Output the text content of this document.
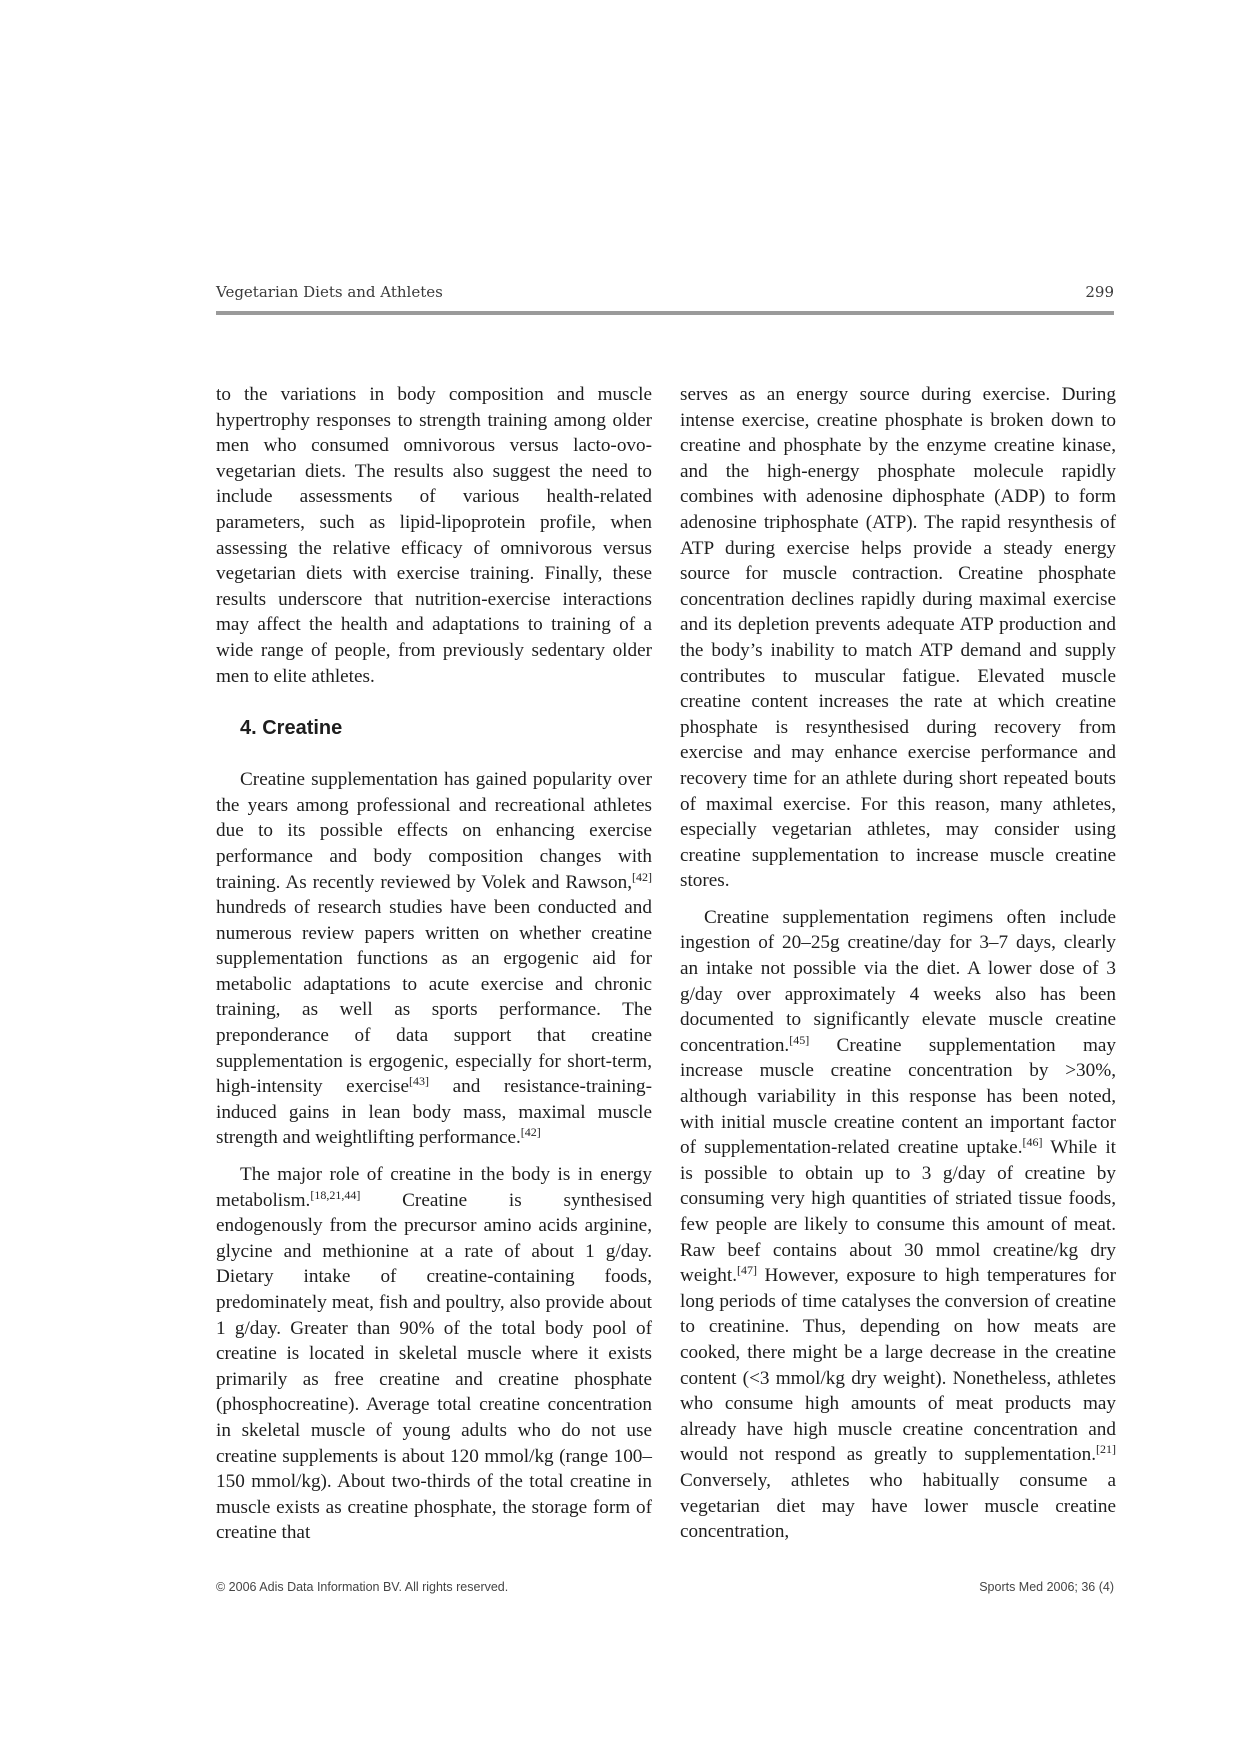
Vegetarian Diets and Athletes	299

to the variations in body composition and muscle hypertrophy responses to strength training among older men who consumed omnivorous versus lacto-ovo-vegetarian diets. The results also suggest the need to include assessments of various health-related parameters, such as lipid-lipoprotein profile, when assessing the relative efficacy of omnivorous versus vegetarian diets with exercise training. Finally, these results underscore that nutrition-exercise interactions may affect the health and adaptations to training of a wide range of people, from previously sedentary older men to elite athletes.

4. Creatine

Creatine supplementation has gained popularity over the years among professional and recreational athletes due to its possible effects on enhancing exercise performance and body composition changes with training. As recently reviewed by Volek and Rawson,[42] hundreds of research studies have been conducted and numerous review papers written on whether creatine supplementation functions as an ergogenic aid for metabolic adaptations to acute exercise and chronic training, as well as sports performance. The preponderance of data support that creatine supplementation is ergogenic, especially for short-term, high-intensity exercise[43] and resistance-training-induced gains in lean body mass, maximal muscle strength and weightlifting performance.[42]

The major role of creatine in the body is in energy metabolism.[18,21,44] Creatine is synthesised endogenously from the precursor amino acids arginine, glycine and methionine at a rate of about 1 g/day. Dietary intake of creatine-containing foods, predominately meat, fish and poultry, also provide about 1 g/day. Greater than 90% of the total body pool of creatine is located in skeletal muscle where it exists primarily as free creatine and creatine phosphate (phosphocreatine). Average total creatine concentration in skeletal muscle of young adults who do not use creatine supplements is about 120 mmol/kg (range 100–150 mmol/kg). About two-thirds of the total creatine in muscle exists as creatine phosphate, the storage form of creatine that

serves as an energy source during exercise. During intense exercise, creatine phosphate is broken down to creatine and phosphate by the enzyme creatine kinase, and the high-energy phosphate molecule rapidly combines with adenosine diphosphate (ADP) to form adenosine triphosphate (ATP). The rapid resynthesis of ATP during exercise helps provide a steady energy source for muscle contraction. Creatine phosphate concentration declines rapidly during maximal exercise and its depletion prevents adequate ATP production and the body’s inability to match ATP demand and supply contributes to muscular fatigue. Elevated muscle creatine content increases the rate at which creatine phosphate is resynthesised during recovery from exercise and may enhance exercise performance and recovery time for an athlete during short repeated bouts of maximal exercise. For this reason, many athletes, especially vegetarian athletes, may consider using creatine supplementation to increase muscle creatine stores.

Creatine supplementation regimens often include ingestion of 20–25g creatine/day for 3–7 days, clearly an intake not possible via the diet. A lower dose of 3 g/day over approximately 4 weeks also has been documented to significantly elevate muscle creatine concentration.[45] Creatine supplementation may increase muscle creatine concentration by >30%, although variability in this response has been noted, with initial muscle creatine content an important factor of supplementation-related creatine uptake.[46] While it is possible to obtain up to 3 g/day of creatine by consuming very high quantities of striated tissue foods, few people are likely to consume this amount of meat. Raw beef contains about 30 mmol creatine/kg dry weight.[47] However, exposure to high temperatures for long periods of time catalyses the conversion of creatine to creatinine. Thus, depending on how meats are cooked, there might be a large decrease in the creatine content (<3 mmol/kg dry weight). Nonetheless, athletes who consume high amounts of meat products may already have high muscle creatine concentration and would not respond as greatly to supplementation.[21] Conversely, athletes who habitually consume a vegetarian diet may have lower muscle creatine concentration,

© 2006 Adis Data Information BV. All rights reserved.	Sports Med 2006; 36 (4)
